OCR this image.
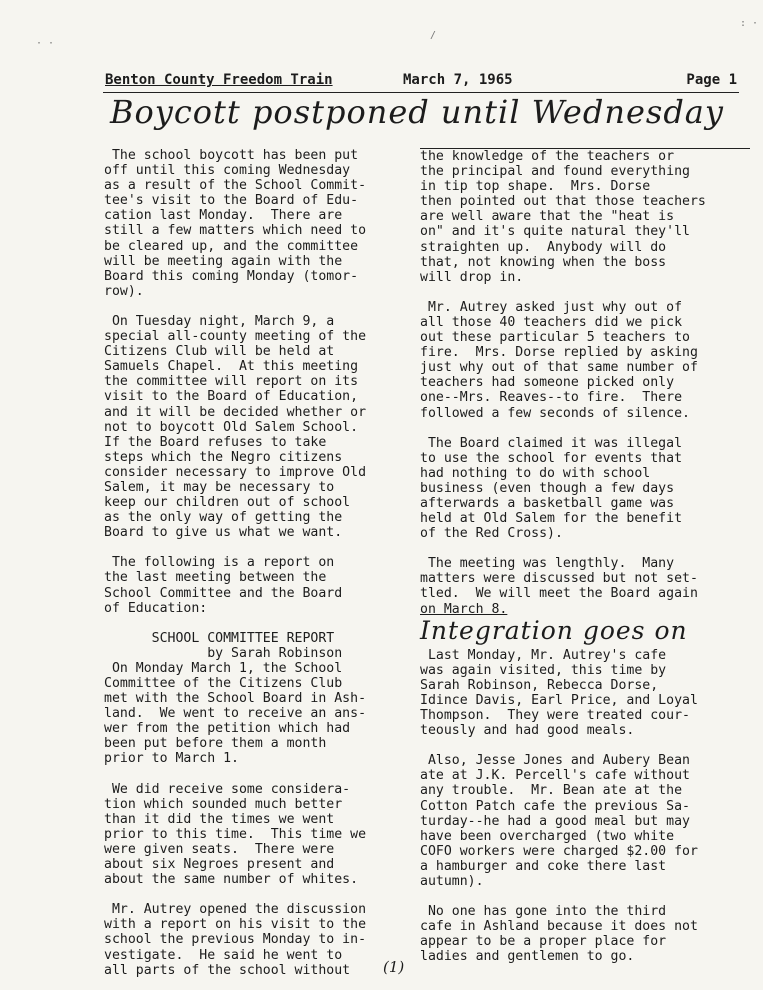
· ·
/
: ·
Benton County Freedom Train	March 7, 1965	Page 1
Boycott postponed until Wednesday

The school boycott has been put
off until this coming Wednesday
as a result of the School Commit-
tee's visit to the Board of Edu-
cation last Monday.  There are
still a few matters which need to
be cleared up, and the committee
will be meeting again with the
Board this coming Monday (tomor-
row).

On Tuesday night, March 9, a
special all-county meeting of the
Citizens Club will be held at
Samuels Chapel.  At this meeting
the committee will report on its
visit to the Board of Education,
and it will be decided whether or
not to boycott Old Salem School.
If the Board refuses to take
steps which the Negro citizens
consider necessary to improve Old
Salem, it may be necessary to
keep our children out of school
as the only way of getting the
Board to give us what we want.

The following is a report on
the last meeting between the
School Committee and the Board
of Education:

SCHOOL COMMITTEE REPORT

by Sarah Robinson

On Monday March 1, the School
Committee of the Citizens Club
met with the School Board in Ash-
land.  We went to receive an ans-
wer from the petition which had
been put before them a month
prior to March 1.

We did receive some considera-
tion which sounded much better
than it did the times we went
prior to this time.  This time we
were given seats.  There were
about six Negroes present and
about the same number of whites.

Mr. Autrey opened the discussion
with a report on his visit to the
school the previous Monday to in-
vestigate.  He said he went to
all parts of the school without

the knowledge of the teachers or
the principal and found everything
in tip top shape.  Mrs. Dorse
then pointed out that those teachers
are well aware that the "heat is
on" and it's quite natural they'll
straighten up.  Anybody will do
that, not knowing when the boss
will drop in.

Mr. Autrey asked just why out of
all those 40 teachers did we pick
out these particular 5 teachers to
fire.  Mrs. Dorse replied by asking
just why out of that same number of
teachers had someone picked only
one--Mrs. Reaves--to fire.  There
followed a few seconds of silence.

The Board claimed it was illegal
to use the school for events that
had nothing to do with school
business (even though a few days
afterwards a basketball game was
held at Old Salem for the benefit
of the Red Cross).

The meeting was lengthly.  Many
matters were discussed but not set-
tled.  We will meet the Board again
on March 8.

Integration goes on

Last Monday, Mr. Autrey's cafe
was again visited, this time by
Sarah Robinson, Rebecca Dorse,
Idince Davis, Earl Price, and Loyal
Thompson.  They were treated cour-
teously and had good meals.

Also, Jesse Jones and Aubery Bean
ate at J.K. Percell's cafe without
any trouble.  Mr. Bean ate at the
Cotton Patch cafe the previous Sa-
turday--he had a good meal but may
have been overcharged (two white
COFO workers were charged $2.00 for
a hamburger and coke there last
autumn).

No one has gone into the third
cafe in Ashland because it does not
appear to be a proper place for
ladies and gentlemen to go.

(1)
